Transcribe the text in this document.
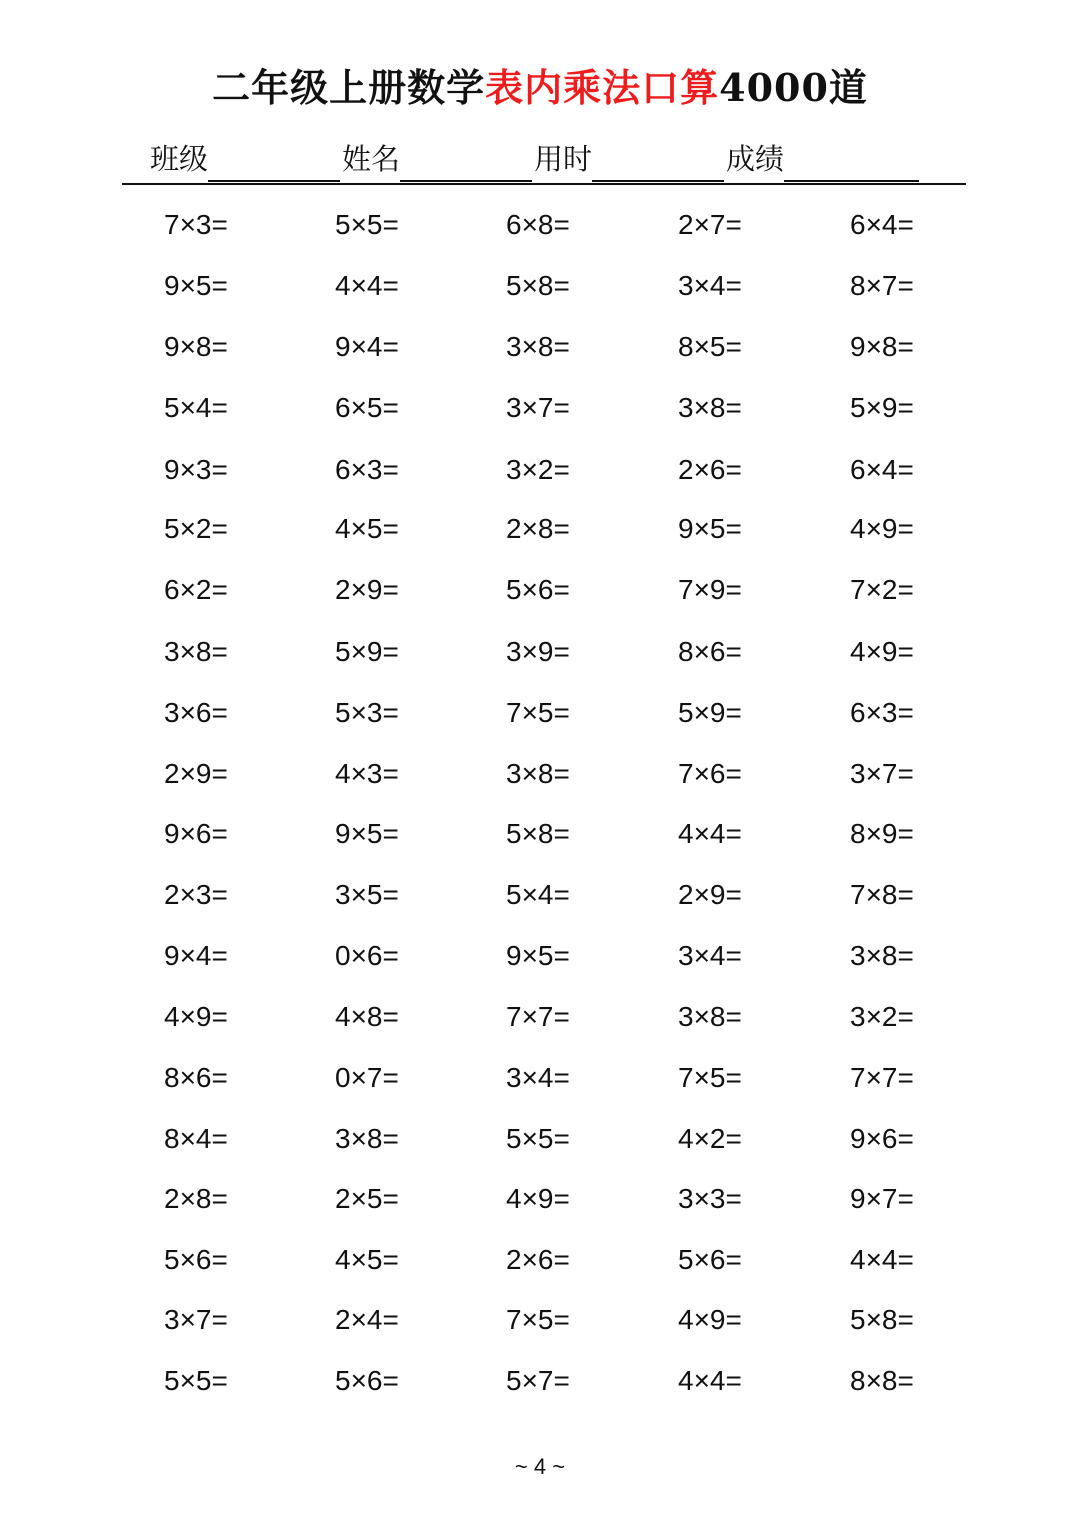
二年级上册数学表内乘法口算4000道
班级	姓名	用时	成绩
7×3=	5×5=	6×8=	2×7=	6×4=
9×5=	4×4=	5×8=	3×4=	8×7=
9×8=	9×4=	3×8=	8×5=	9×8=
5×4=	6×5=	3×7=	3×8=	5×9=
9×3=	6×3=	3×2=	2×6=	6×4=
5×2=	4×5=	2×8=	9×5=	4×9=
6×2=	2×9=	5×6=	7×9=	7×2=
3×8=	5×9=	3×9=	8×6=	4×9=
3×6=	5×3=	7×5=	5×9=	6×3=
2×9=	4×3=	3×8=	7×6=	3×7=
9×6=	9×5=	5×8=	4×4=	8×9=
2×3=	3×5=	5×4=	2×9=	7×8=
9×4=	0×6=	9×5=	3×4=	3×8=
4×9=	4×8=	7×7=	3×8=	3×2=
8×6=	0×7=	3×4=	7×5=	7×7=
8×4=	3×8=	5×5=	4×2=	9×6=
2×8=	2×5=	4×9=	3×3=	9×7=
5×6=	4×5=	2×6=	5×6=	4×4=
3×7=	2×4=	7×5=	4×9=	5×8=
5×5=	5×6=	5×7=	4×4=	8×8=
~ 4 ~
